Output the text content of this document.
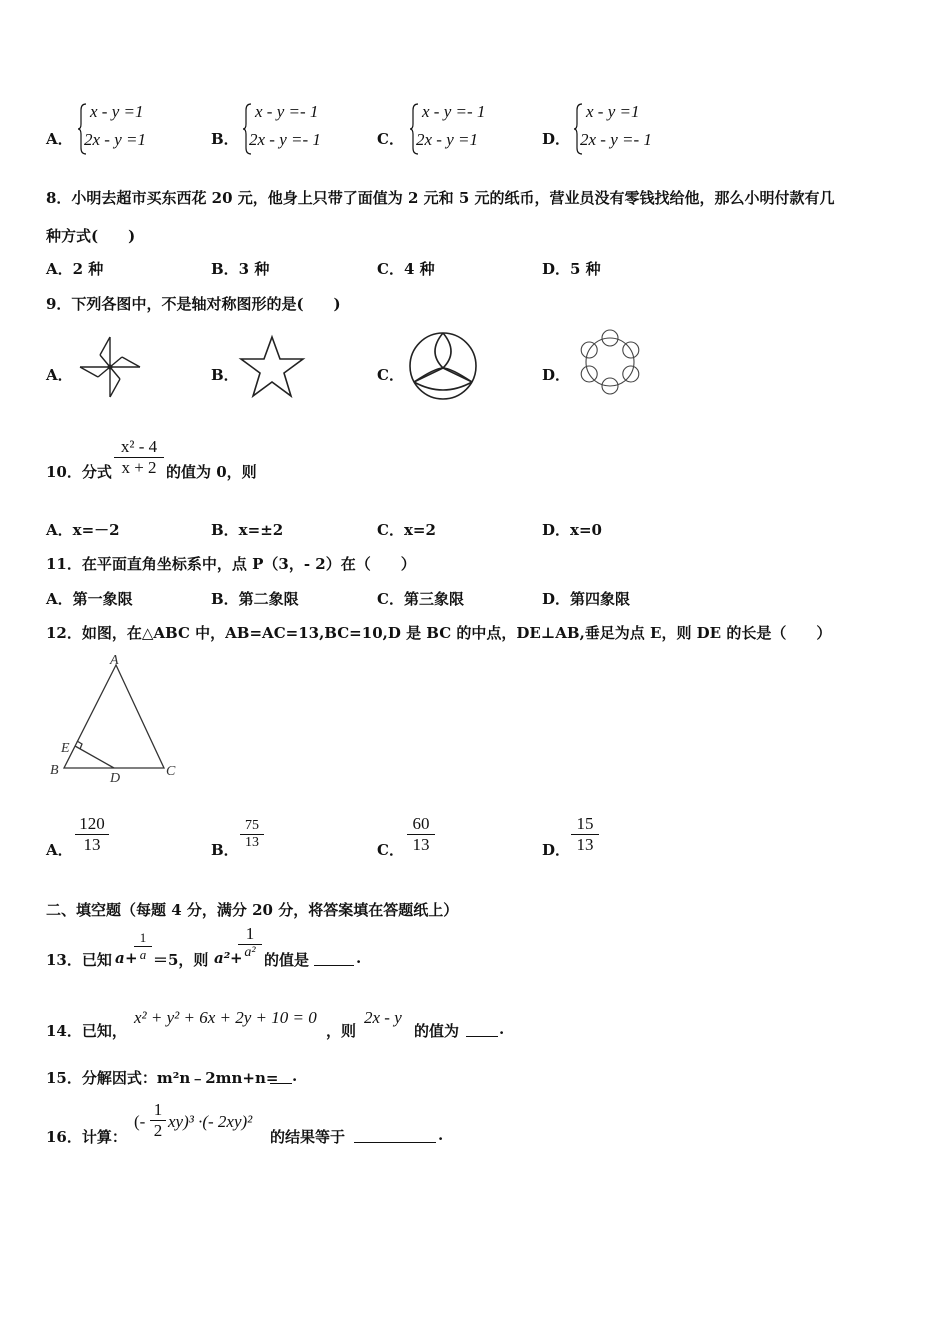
A．
x - y =1
2x - y =1	B．
x - y =- 1
2x - y =- 1	C．
x - y =- 1
2x - y =1	D．
x - y =1
2x - y =- 1
8．小明去超市买东西花 20 元，他身上只带了面值为 2 元和 5 元的纸币，营业员没有零钱找给他，那么小明付款有几
种方式(　　)
A．2 种	B．3 种	C．4 种	D．5 种
9．下列各图中，不是轴对称图形的是(　　)
A．	B．	C．	D．
10．分式
x² - 4
x + 2 的值为 0，则
A．x=－2	B．x=±2	C．x=2	D．x=0
11．在平面直角坐标系中，点 P（3，- 2）在（　　）
A．第一象限	B．第二象限	C．第三象限	D．第四象限
12．如图，在△ABC 中，AB=AC=13,BC=10,D 是 BC 的中点，DE⊥AB,垂足为点 E，则 DE 的长是（　　）
A
B	C
D
E
A．
120
13	B．
75
13	C．
60
13	D．
15
13
二、填空题（每题 4 分，满分 20 分，将答案填在答题纸上）
13．已知 a +
1
a ＝5，则 a² +
1
a² 的值是	.
14．已知，
x² + y² + 6x + 2y + 10 = 0
，则
2x - y
的值为	.
15．分解因式：m²n﹣2mn+n= .
16．计算：
(-
1
2 xy)³ ·(- 2xy)²
的结果等于	.
